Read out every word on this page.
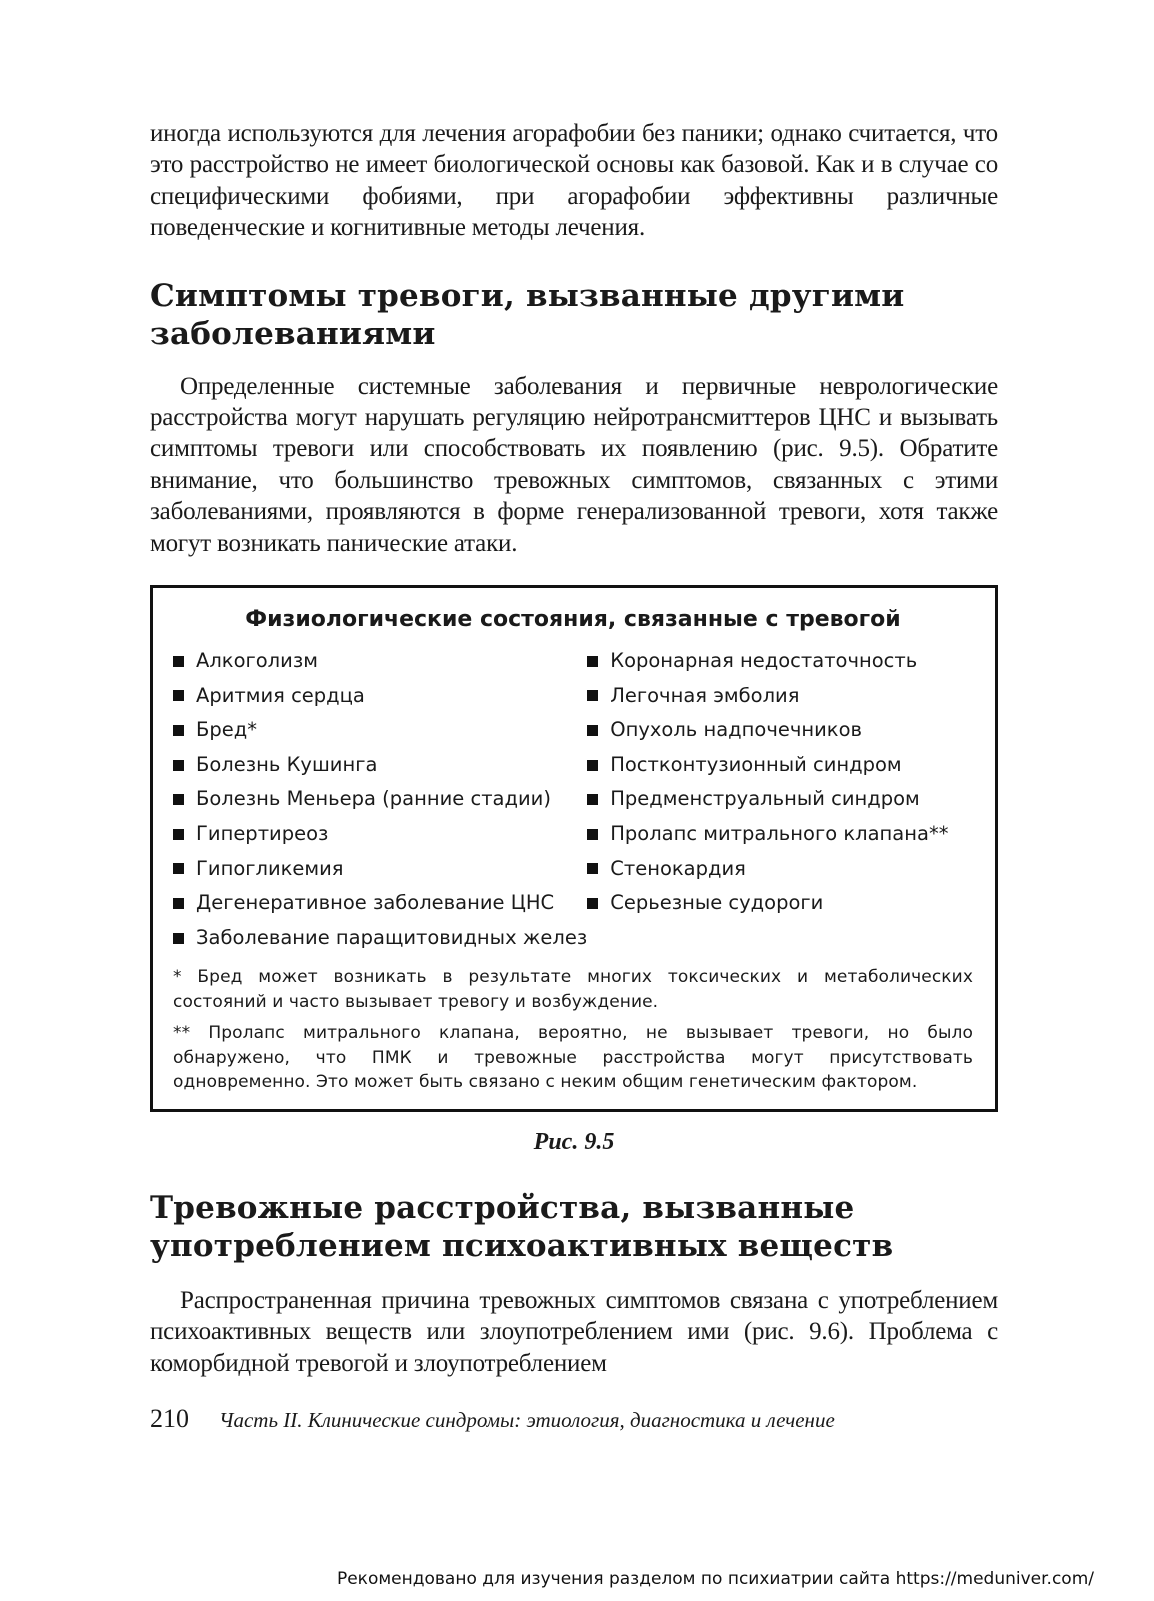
иногда используются для лечения агорафобии без паники; однако считается, что это расстройство не имеет биологической основы как базовой. Как и в случае со специфическими фобиями, при агорафобии эффективны различные поведенческие и когнитивные методы лечения.

Симптомы тревоги, вызванные другими заболеваниями

Определенные системные заболевания и первичные неврологические расстройства могут нарушать регуляцию нейротрансмиттеров ЦНС и вызывать симптомы тревоги или способствовать их появлению (рис. 9.5). Обратите внимание, что большинство тревожных симптомов, связанных с этими заболеваниями, проявляются в форме генерализованной тревоги, хотя также могут возникать панические атаки.

Физиологические состояния, связанные с тревогой

Алкоголизм
Аритмия сердца
Бред*
Болезнь Кушинга
Болезнь Меньера (ранние стадии)
Гипертиреоз
Гипогликемия
Дегенеративное заболевание ЦНС
Заболевание паращитовидных желез
Коронарная недостаточность
Легочная эмболия
Опухоль надпочечников
Постконтузионный синдром
Предменструальный синдром
Пролапс митрального клапана**
Стенокардия
Серьезные судороги

* Бред может возникать в результате многих токсических и метаболических состояний и часто вызывает тревогу и возбуждение.

** Пролапс митрального клапана, вероятно, не вызывает тревоги, но было обнаружено, что ПМК и тревожные расстройства могут присутствовать одновременно. Это может быть связано с неким общим генетическим фактором.

Рис. 9.5

Тревожные расстройства, вызванные употреблением психоактивных веществ

Распространенная причина тревожных симптомов связана с употреблением психоактивных веществ или злоупотреблением ими (рис. 9.6). Проблема с коморбидной тревогой и злоупотреблением

210 Часть II. Клинические синдромы: этиология, диагностика и лечение
Рекомендовано для изучения разделом по психиатрии сайта https://meduniver.com/
